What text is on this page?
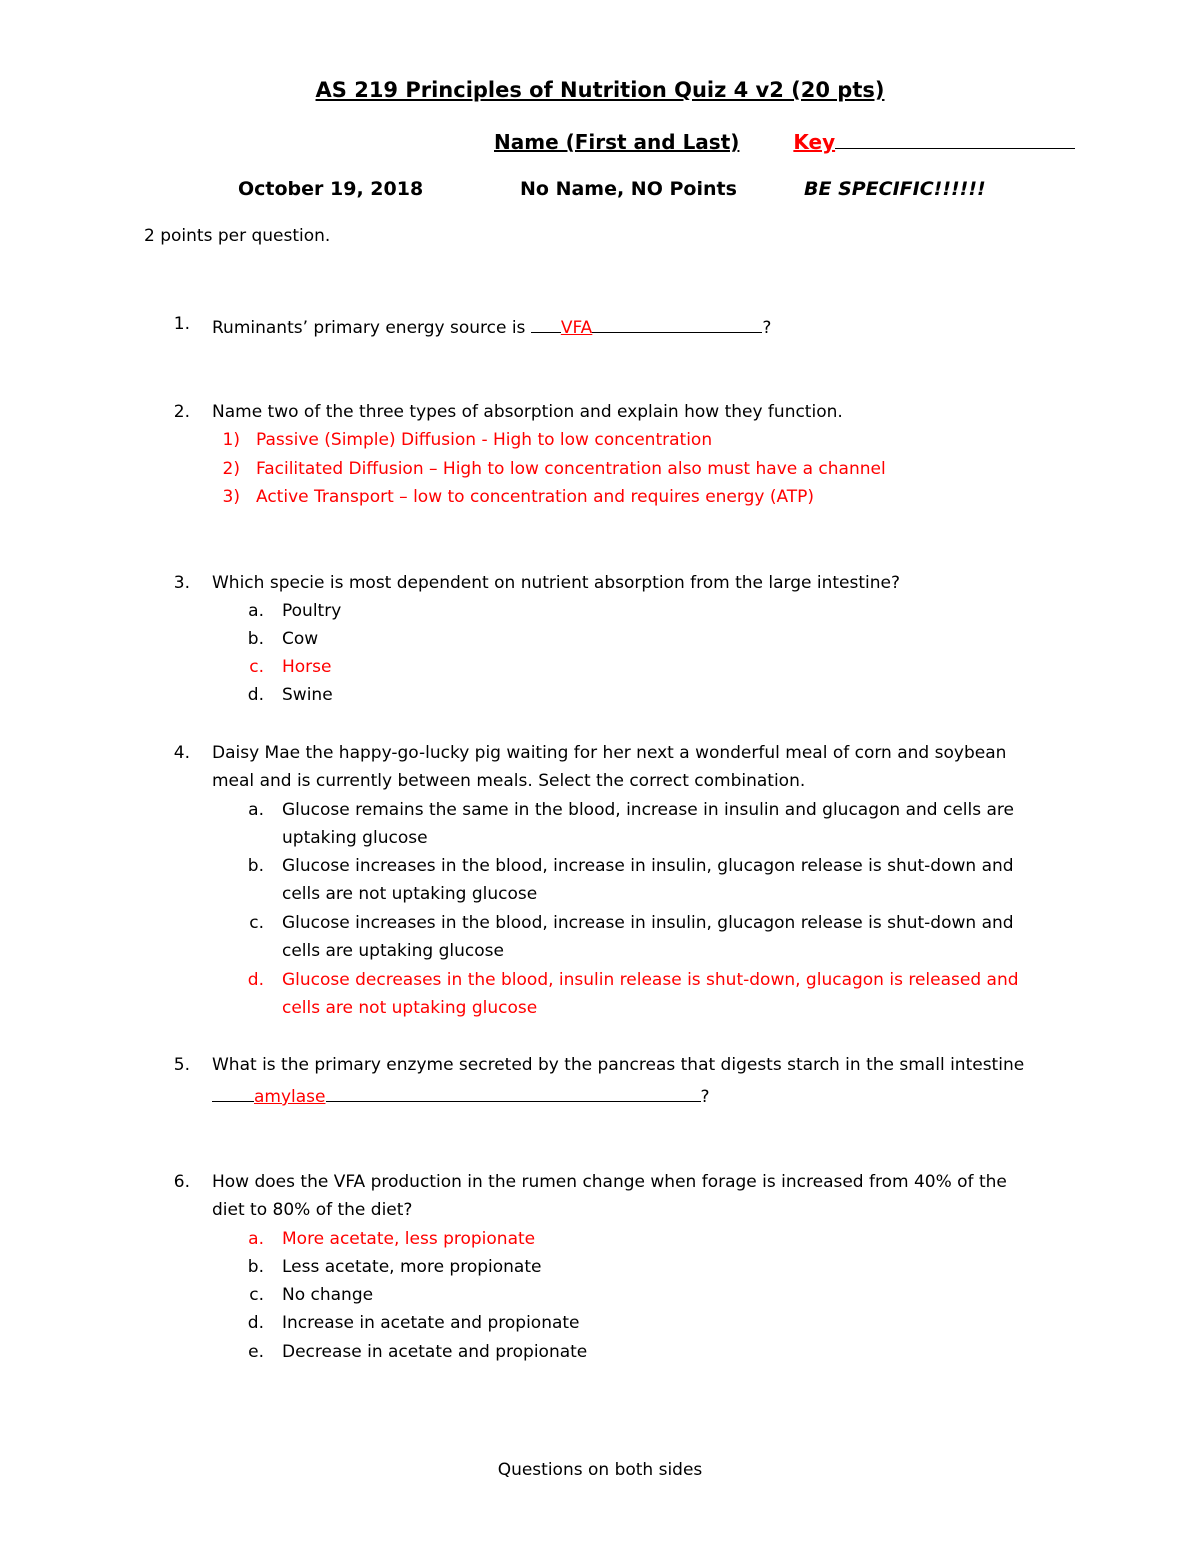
AS 219 Principles of Nutrition Quiz 4 v2 (20 pts)
Name (First and Last)	Key
October 19, 2018	No Name, NO Points	BE SPECIFIC!!!!!!
2 points per question.
1. Ruminants’ primary energy source is VFA	?
2. Name two of the three types of absorption and explain how they function.
1) Passive (Simple) Diffusion - High to low concentration
2) Facilitated Diffusion – High to low concentration also must have a channel
3) Active Transport – low to concentration and requires energy (ATP)
3. Which specie is most dependent on nutrient absorption from the large intestine?
a. Poultry
b. Cow
c. Horse
d. Swine
4. Daisy Mae the happy-go-lucky pig waiting for her next a wonderful meal of corn and soybean
meal and is currently between meals. Select the correct combination.
a. Glucose remains the same in the blood, increase in insulin and glucagon and cells are
uptaking glucose
b. Glucose increases in the blood, increase in insulin, glucagon release is shut-down and
cells are not uptaking glucose
c. Glucose increases in the blood, increase in insulin, glucagon release is shut-down and
cells are uptaking glucose
d. Glucose decreases in the blood, insulin release is shut-down, glucagon is released and
cells are not uptaking glucose
5. What is the primary enzyme secreted by the pancreas that digests starch in the small intestine
amylase	?
6. How does the VFA production in the rumen change when forage is increased from 40% of the
diet to 80% of the diet?
a. More acetate, less propionate
b. Less acetate, more propionate
c. No change
d. Increase in acetate and propionate
e. Decrease in acetate and propionate
Questions on both sides
